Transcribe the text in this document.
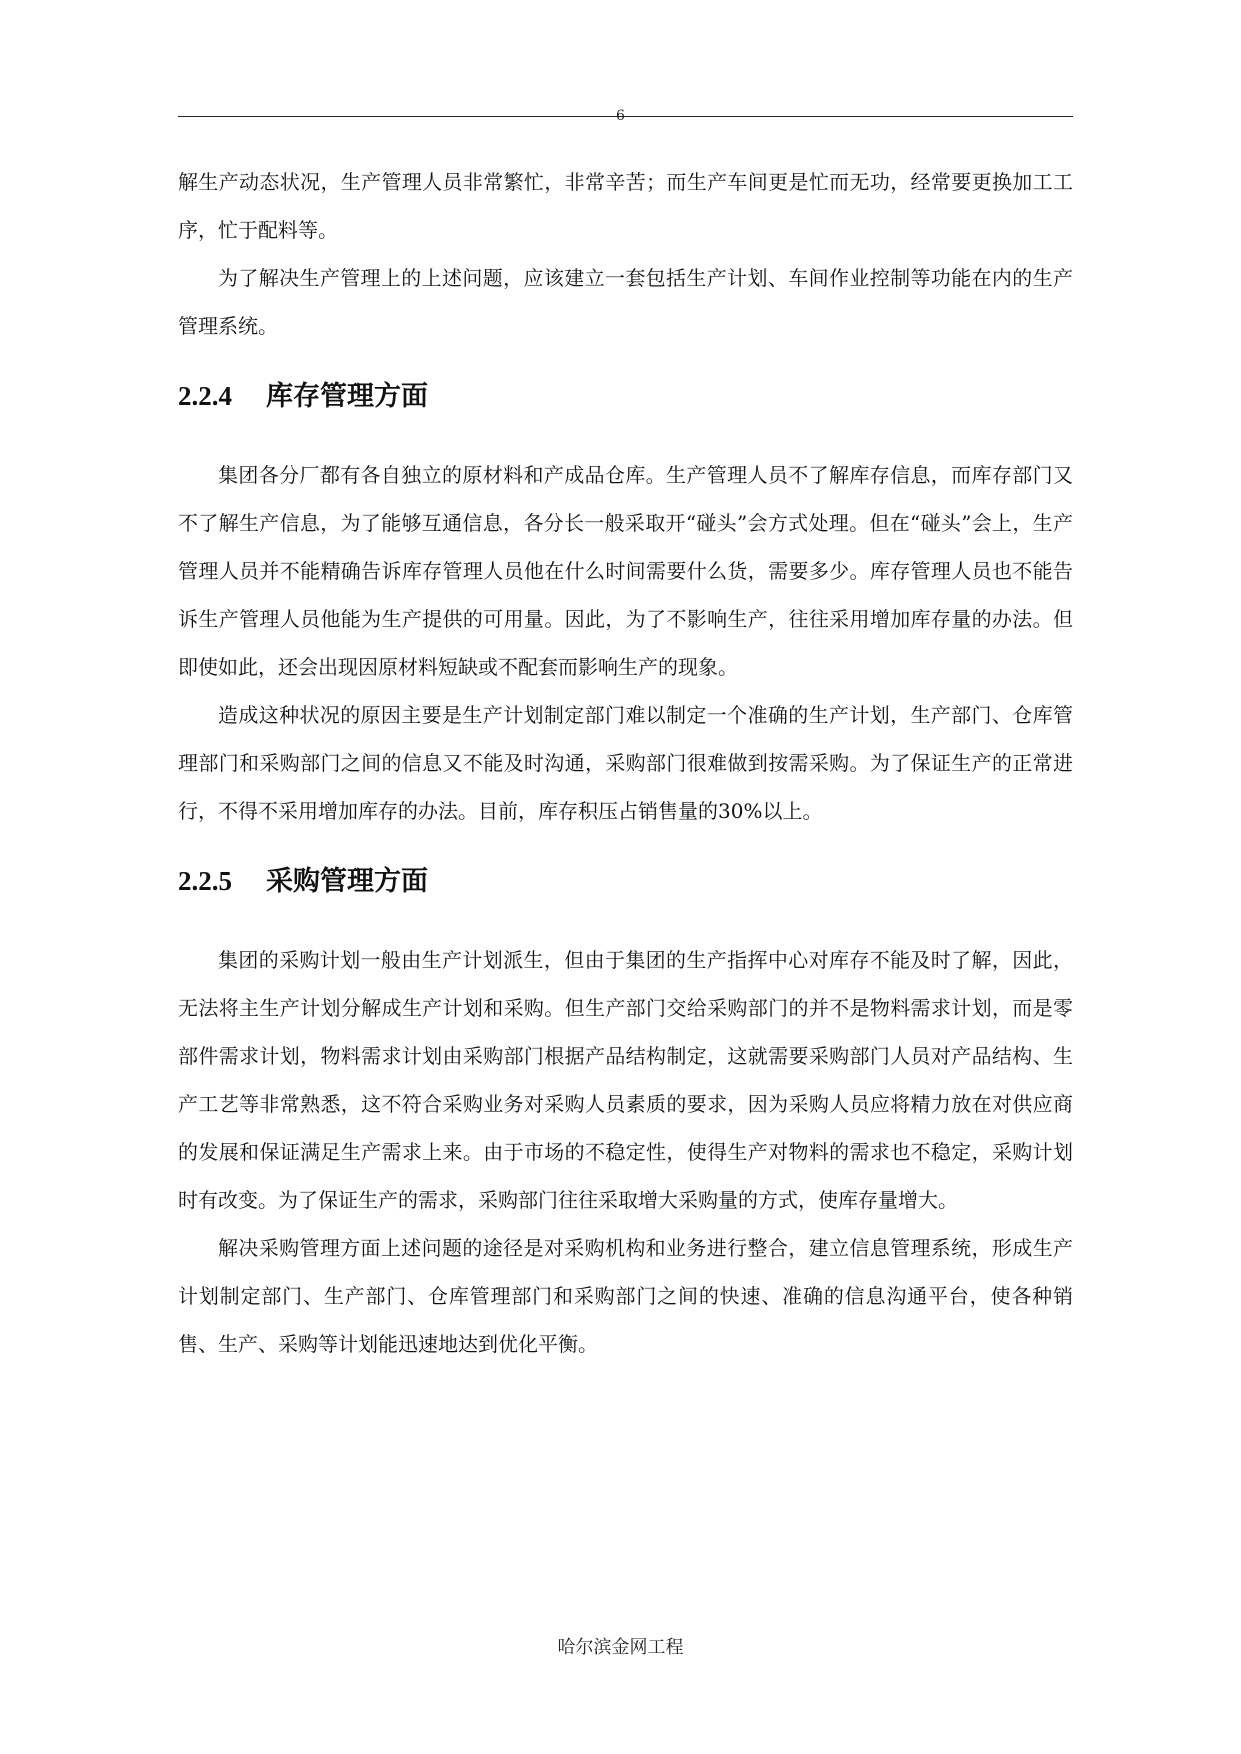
6

解生产动态状况，生产管理人员非常繁忙，非常辛苦；而生产车间更是忙而无功，经常要更换加工工序，忙于配料等。

为了解决生产管理上的上述问题，应该建立一套包括生产计划、车间作业控制等功能在内的生产管理系统。

2.2.4 库存管理方面

集团各分厂都有各自独立的原材料和产成品仓库。生产管理人员不了解库存信息，而库存部门又不了解生产信息，为了能够互通信息，各分长一般采取开“碰头”会方式处理。但在“碰头”会上，生产管理人员并不能精确告诉库存管理人员他在什么时间需要什么货，需要多少。库存管理人员也不能告诉生产管理人员他能为生产提供的可用量。因此，为了不影响生产，往往采用增加库存量的办法。但即使如此，还会出现因原材料短缺或不配套而影响生产的现象。

造成这种状况的原因主要是生产计划制定部门难以制定一个准确的生产计划，生产部门、仓库管理部门和采购部门之间的信息又不能及时沟通，采购部门很难做到按需采购。为了保证生产的正常进行，不得不采用增加库存的办法。目前，库存积压占销售量的30%以上。

2.2.5 采购管理方面

集团的采购计划一般由生产计划派生，但由于集团的生产指挥中心对库存不能及时了解，因此，无法将主生产计划分解成生产计划和采购。但生产部门交给采购部门的并不是物料需求计划，而是零部件需求计划，物料需求计划由采购部门根据产品结构制定，这就需要采购部门人员对产品结构、生产工艺等非常熟悉，这不符合采购业务对采购人员素质的要求，因为采购人员应将精力放在对供应商的发展和保证满足生产需求上来。由于市场的不稳定性，使得生产对物料的需求也不稳定，采购计划时有改变。为了保证生产的需求，采购部门往往采取增大采购量的方式，使库存量增大。

解决采购管理方面上述问题的途径是对采购机构和业务进行整合，建立信息管理系统，形成生产计划制定部门、生产部门、仓库管理部门和采购部门之间的快速、准确的信息沟通平台，使各种销售、生产、采购等计划能迅速地达到优化平衡。

哈尔滨金网工程
